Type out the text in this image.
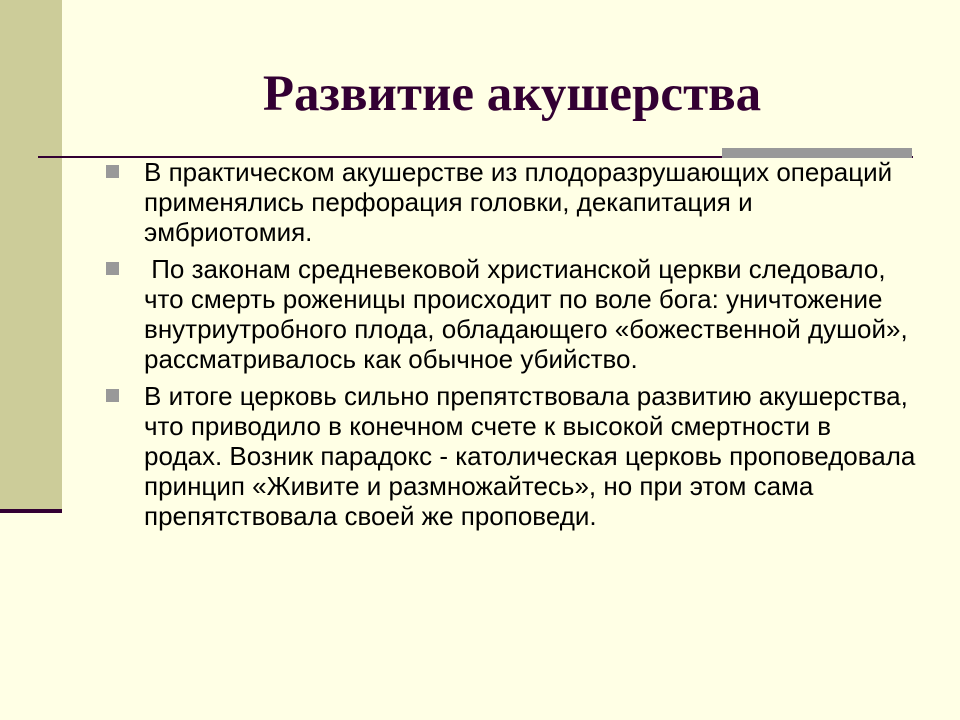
Развитие акушерства
В практическом акушерстве из плодоразрушающих операций применялись перфорация головки, декапитация и эмбриотомия.
По законам средневековой христианской церкви следовало, что смерть роженицы происходит по воле бога: уничтожение внутриутробного плода, обладающего «божественной душой», рассматривалось как обычное убийство.
В итоге церковь сильно препятствовала развитию акушерства, что приводило в конечном счете к высокой смертности в родах. Возник парадокс - католическая церковь проповедовала принцип «Живите и размножайтесь», но при этом сама препятствовала своей же проповеди.
